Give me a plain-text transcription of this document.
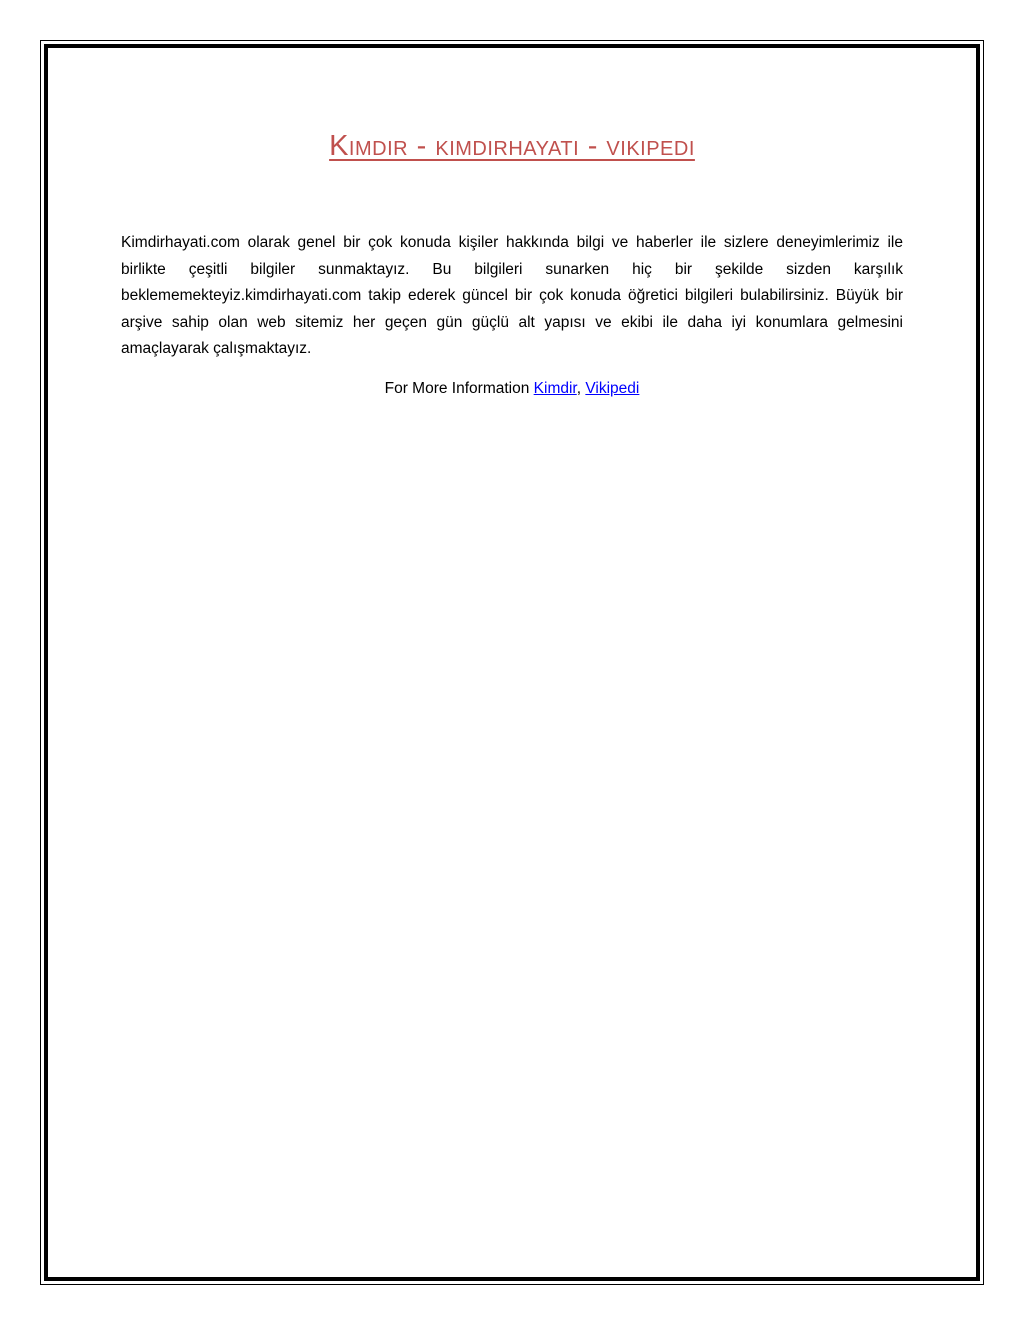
Kimdir - kimdirhayati - vikipedi

Kimdirhayati.com olarak genel bir çok konuda kişiler hakkında bilgi ve haberler ile sizlere deneyimlerimiz ile birlikte çeşitli bilgiler sunmaktayız. Bu bilgileri sunarken hiç bir şekilde sizden karşılık beklememekteyiz.kimdirhayati.com takip ederek güncel bir çok konuda öğretici bilgileri bulabilirsiniz. Büyük bir arşive sahip olan web sitemiz her geçen gün güçlü alt yapısı ve ekibi ile daha iyi konumlara gelmesini amaçlayarak çalışmaktayız.

For More Information Kimdir, Vikipedi
